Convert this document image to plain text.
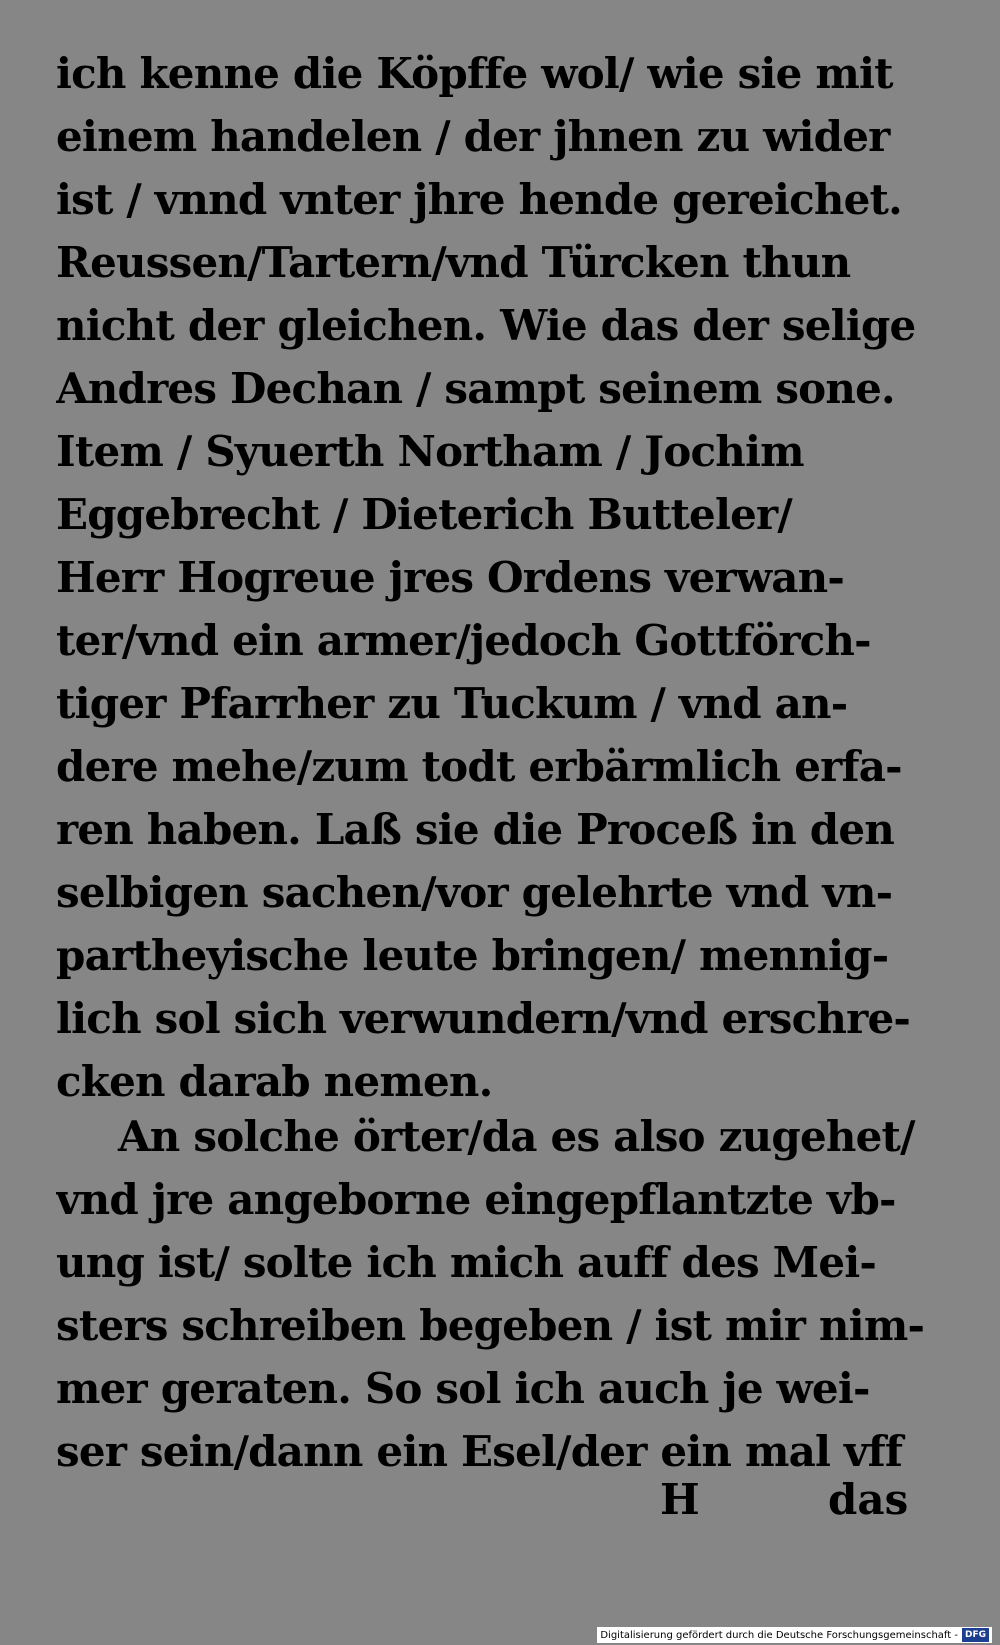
ich kenne die Köpffe wol/ wie sie mit
einem handelen / der jhnen zu wider
ist / vnnd vnter jhre hende gereichet.
Reussen/Tartern/vnd Türcken thun
nicht der gleichen. Wie das der selige
Andres Dechan / sampt seinem sone.
Item / Syuerth Northam / Jochim
Eggebrecht / Dieterich Butteler/
Herr Hogreue jres Ordens verwan-
ter/vnd ein armer/jedoch Gottförch-
tiger Pfarrher zu Tuckum / vnd an-
dere mehe/zum todt erbärmlich erfa-
ren haben. Laß sie die Proceß in den
selbigen sachen/vor gelehrte vnd vn-
partheyische leute bringen/ mennig-
lich sol sich verwundern/vnd erschre-
cken darab nemen.
An solche örter/da es also zugehet/
vnd jre angeborne eingepflantzte vb-
ung ist/ solte ich mich auff des Mei-
sters schreiben begeben / ist mir nim-
mer geraten. So sol ich auch je wei-
ser sein/dann ein Esel/der ein mal vff
H	das
Digitalisierung gefördert durch die Deutsche Forschungsgemeinschaft - DFG
